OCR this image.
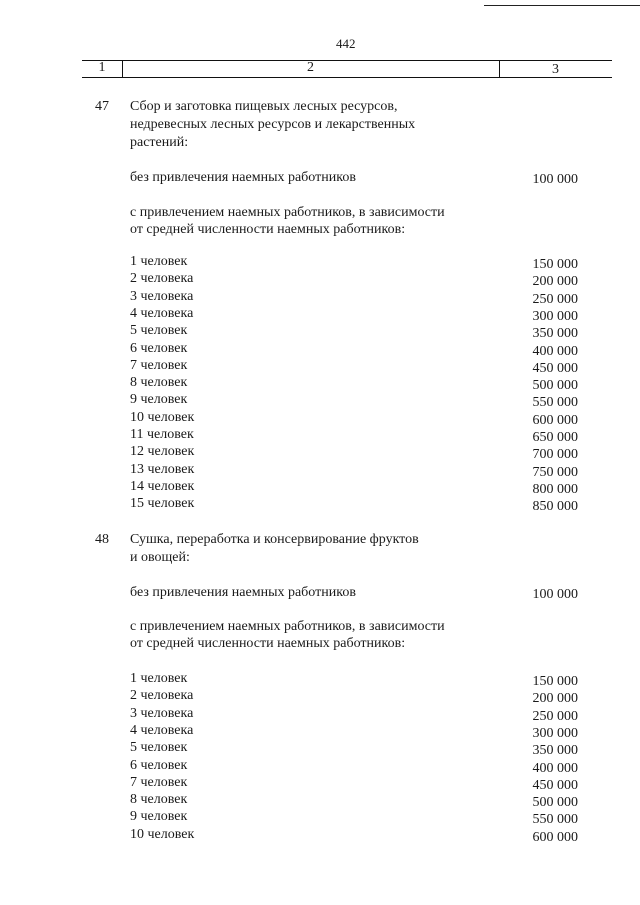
442
1	2	3
47 Сбор и заготовка пищевых лесных ресурсов,
недревесных лесных ресурсов и лекарственных
растений:
без привлечения наемных работников	100 000
с привлечением наемных работников, в зависимости
от средней численности наемных работников:
1 человек	150 000
2 человека	200 000
3 человека	250 000
4 человека	300 000
5 человек	350 000
6 человек	400 000
7 человек	450 000
8 человек	500 000
9 человек	550 000
10 человек	600 000
11 человек	650 000
12 человек	700 000
13 человек	750 000
14 человек	800 000
15 человек	850 000
48 Сушка, переработка и консервирование фруктов
и овощей:
без привлечения наемных работников	100 000
с привлечением наемных работников, в зависимости
от средней численности наемных работников:
1 человек	150 000
2 человека	200 000
3 человека	250 000
4 человека	300 000
5 человек	350 000
6 человек	400 000
7 человек	450 000
8 человек	500 000
9 человек	550 000
10 человек	600 000
